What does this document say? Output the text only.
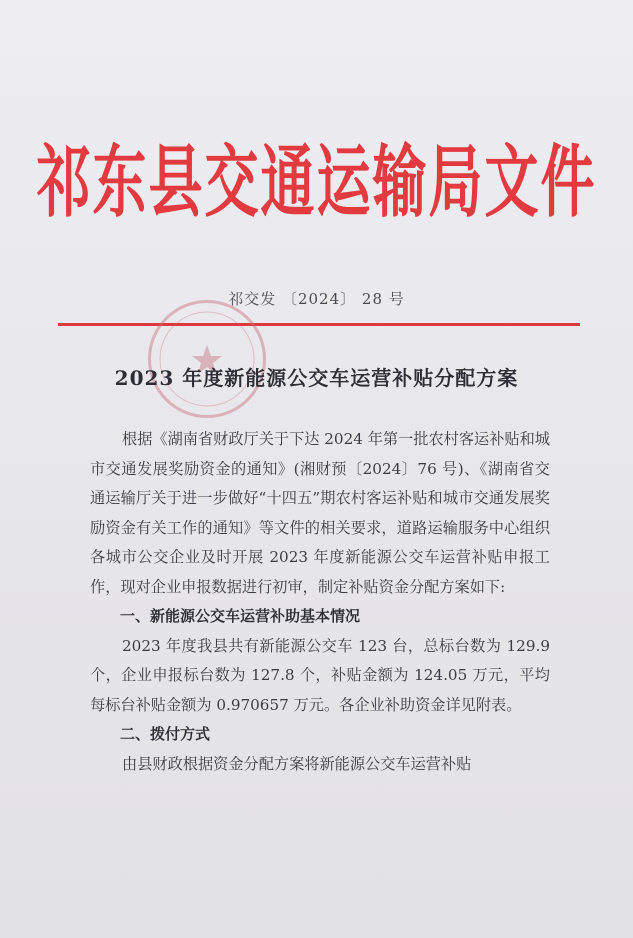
祁东县交通运输局文件
祁交发 〔2024〕 28 号
2023 年度新能源公交车运营补贴分配方案

根据《湖南省财政厅关于下达 2024 年第一批农村客运补贴和城市交通发展奖励资金的通知》(湘财预〔2024〕76 号)、《湖南省交通运输厅关于进一步做好“十四五”期农村客运补贴和城市交通发展奖励资金有关工作的通知》等文件的相关要求，道路运输服务中心组织各城市公交企业及时开展 2023 年度新能源公交车运营补贴申报工作，现对企业申报数据进行初审，制定补贴资金分配方案如下:

一、新能源公交车运营补助基本情况

2023 年度我县共有新能源公交车 123 台，总标台数为 129.9 个，企业申报标台数为 127.8 个，补贴金额为 124.05 万元，平均每标台补贴金额为 0.970657 万元。各企业补助资金详见附表。

二、拨付方式

由县财政根据资金分配方案将新能源公交车运营补贴
